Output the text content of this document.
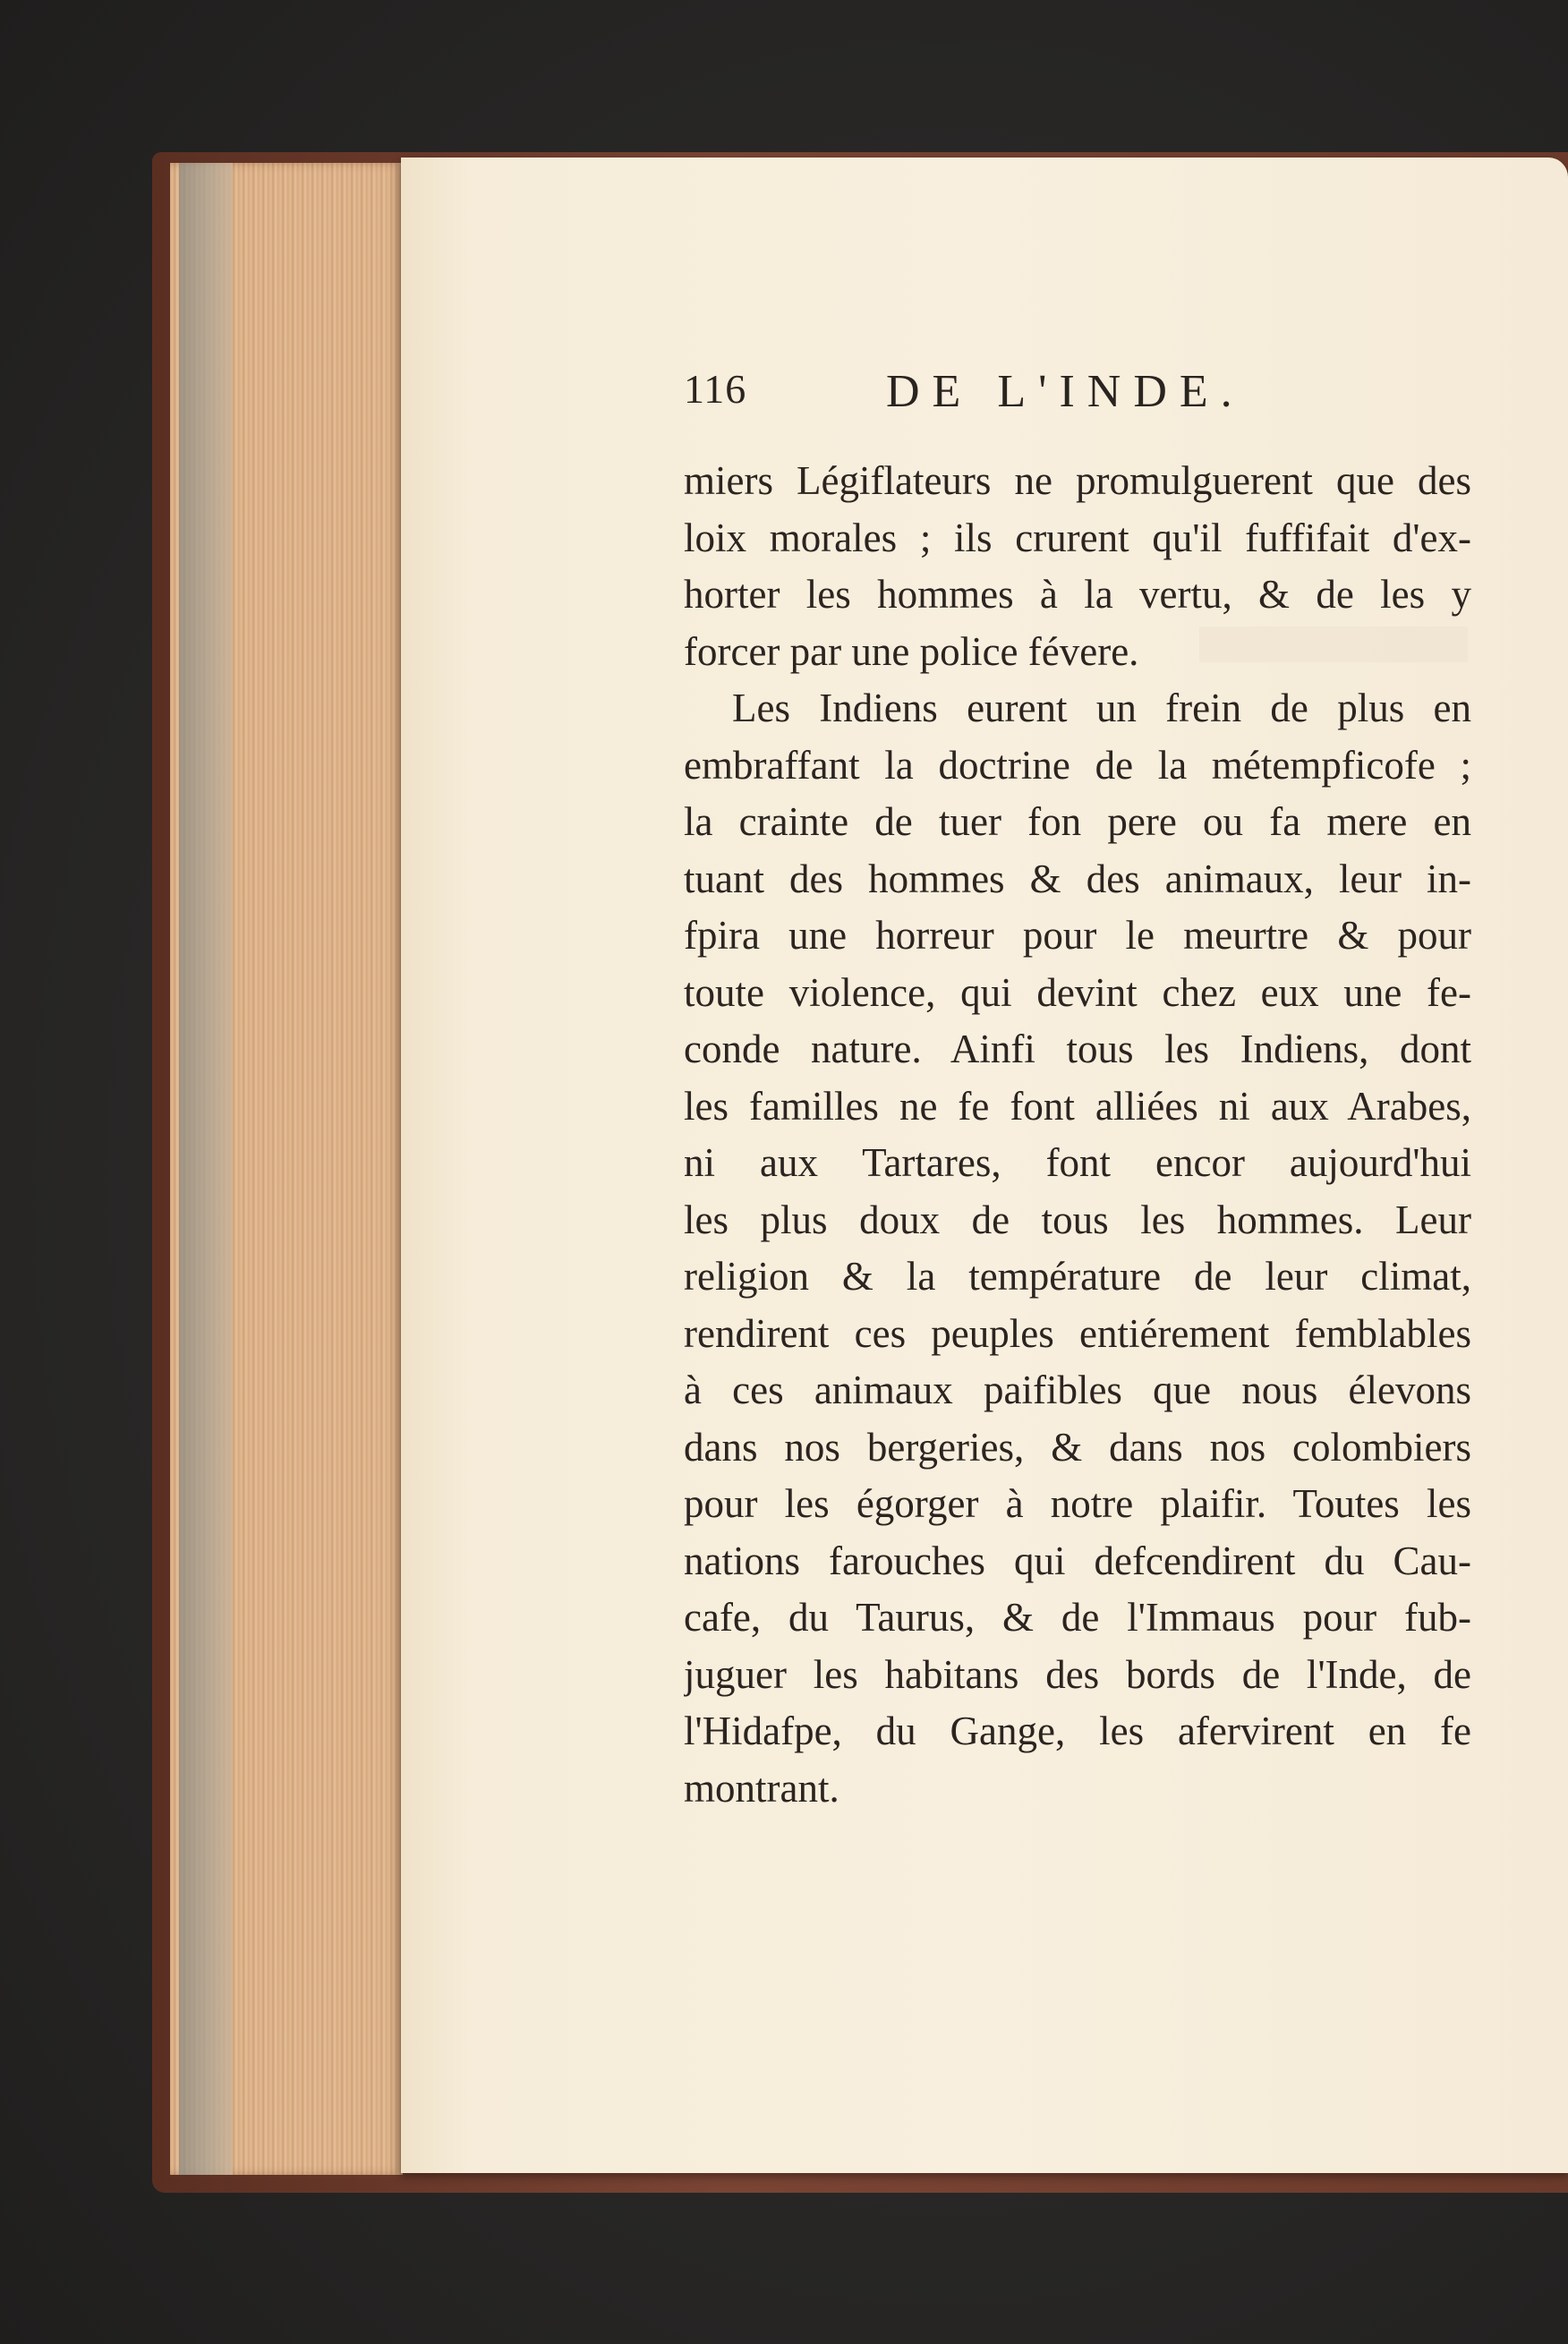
116	DE L'INDE.
miers Légiflateurs ne promulguerent que des
loix morales ; ils crurent qu'il fuffifait d'ex-
horter les hommes à la vertu, & de les y
forcer par une police févere.
Les Indiens eurent un frein de plus en
embraffant la doctrine de la métempficofe ;
la crainte de tuer fon pere ou fa mere en
tuant des hommes & des animaux, leur in-
fpira une horreur pour le meurtre & pour
toute violence, qui devint chez eux une fe-
conde nature. Ainfi tous les Indiens, dont
les familles ne fe font alliées ni aux Arabes,
ni aux Tartares, font encor aujourd'hui
les plus doux de tous les hommes. Leur
religion & la température de leur climat,
rendirent ces peuples entiérement femblables
à ces animaux paifibles que nous élevons
dans nos bergeries, & dans nos colombiers
pour les égorger à notre plaifir. Toutes les
nations farouches qui defcendirent du Cau-
cafe, du Taurus, & de l'Immaus pour fub-
juguer les habitans des bords de l'Inde, de
l'Hidafpe, du Gange, les afervirent en fe
montrant.
